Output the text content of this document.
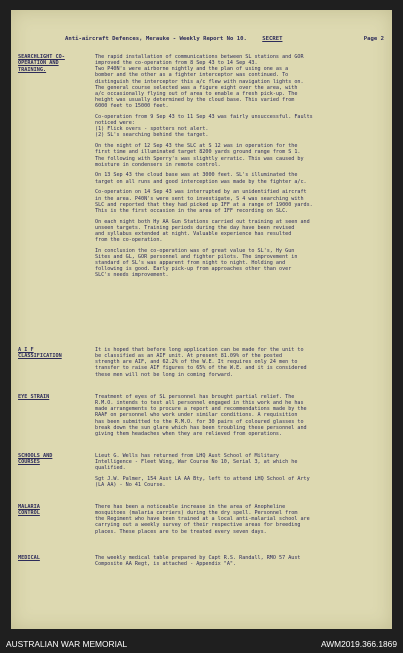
Anti-aircraft Defences, Merauke - Weekly Report No 10.	SECRET	Page 2
SEARCHLIGHT CO-
OPERATION AND
TRAINING.

The rapid installation of communications between SL stations and GOR
improved the co-operation from 8 Sep 43 to 14 Sep 43.
Two P40N's were airborne nightly and the plan of using one as a
bomber and the other as a fighter interceptor was continued. To
distinguish the interceptor this a/c flew with navigation lights on.
The general course selected was a figure eight over the area, with
a/c occasionally flying out of area to enable a fresh pick-up. The
height was usually determined by the cloud base. This varied from
6000 feet to 15000 feet.

Co-operation from 9 Sep 43 to 11 Sep 43 was fairly unsuccessful. Faults
noticed were:
(1) Flick overs - spotters not alert.
(2) SL's searching behind the target.

On the night of 12 Sep 43 the SLC at S 12 was in operation for the
first time and illuminated target 8200 yards ground range from S 1.
The following with Sperry's was slightly erratic. This was caused by
moisture in condensers in remote control.

On 13 Sep 43 the cloud base was at 3000 feet. SL's illuminated the
target on all runs and good interception was made by the fighter a/c.

Co-operation on 14 Sep 43 was interrupted by an unidentified aircraft
in the area. P40N's were sent to investigate, S 4 was searching with
SLC and reported that they had picked up IFF at a range of 19000 yards.
This is the first occasion in the area of IFF recording on SLC.

On each night both Hy AA Gun Stations carried out training at seen and
unseen targets. Training periods during the day have been revised
and syllabus extended at night. Valuable experience has resulted
from the co-operation.

In conclusion the co-operation was of great value to SL's, Hy Gun
Sites and GL, GOR personnel and fighter pilots. The improvement in
standard of SL's was apparent from night to night. Holding and
following is good. Early pick-up from approaches other than over
SLC's needs improvement.

A I F
CLASSIFICATION

It is hoped that before long application can be made for the unit to
be classified as an AIF unit. At present 81.09% of the posted
strength are AIF, and 62.2% of the W.E. It requires only 24 men to
transfer to raise AIF figures to 65% of the W.E. and it is considered
these men will not be long in coming forward.

EYE STRAIN	Treatment of eyes of SL personnel has brought partial relief. The
R.M.O. intends to test all personnel engaged in this work and he has
made arrangements to procure a report and recommendations made by the
RAAF on personnel who work under similar conditions. A requisition
has been submitted to the R.M.O. for 30 pairs of coloured glasses to
break down the sun glare which has been troubling these personnel and
giving them headaches when they are relieved from operations.

SCHOOLS AND
COURSES

Lieut G. Wells has returned from LHQ Aust School of Military
Intelligence - Fleet Wing, War Course No 10, Serial 3, at which he
qualified.

Sgt J.W. Palmer, 154 Aust LA AA Bty, left to attend LHQ School of Arty
(LA AA) - No 41 Course.

MALARIA
CONTROL

There has been a noticeable increase in the area of Anopheline
mosquitoes (malaria carriers) during the dry spell. Personnel from
the Regiment who have been trained at a local anti-malarial school are
carrying out a weekly survey of their respective areas for breeding
places. These places are to be treated every seven days.

MEDICAL	The weekly medical table prepared by Capt R.S. Randall, RMO 57 Aust
Composite AA Regt, is attached - Appendix "A".

AUSTRALIAN WAR MEMORIAL	AWM2019.366.1869
